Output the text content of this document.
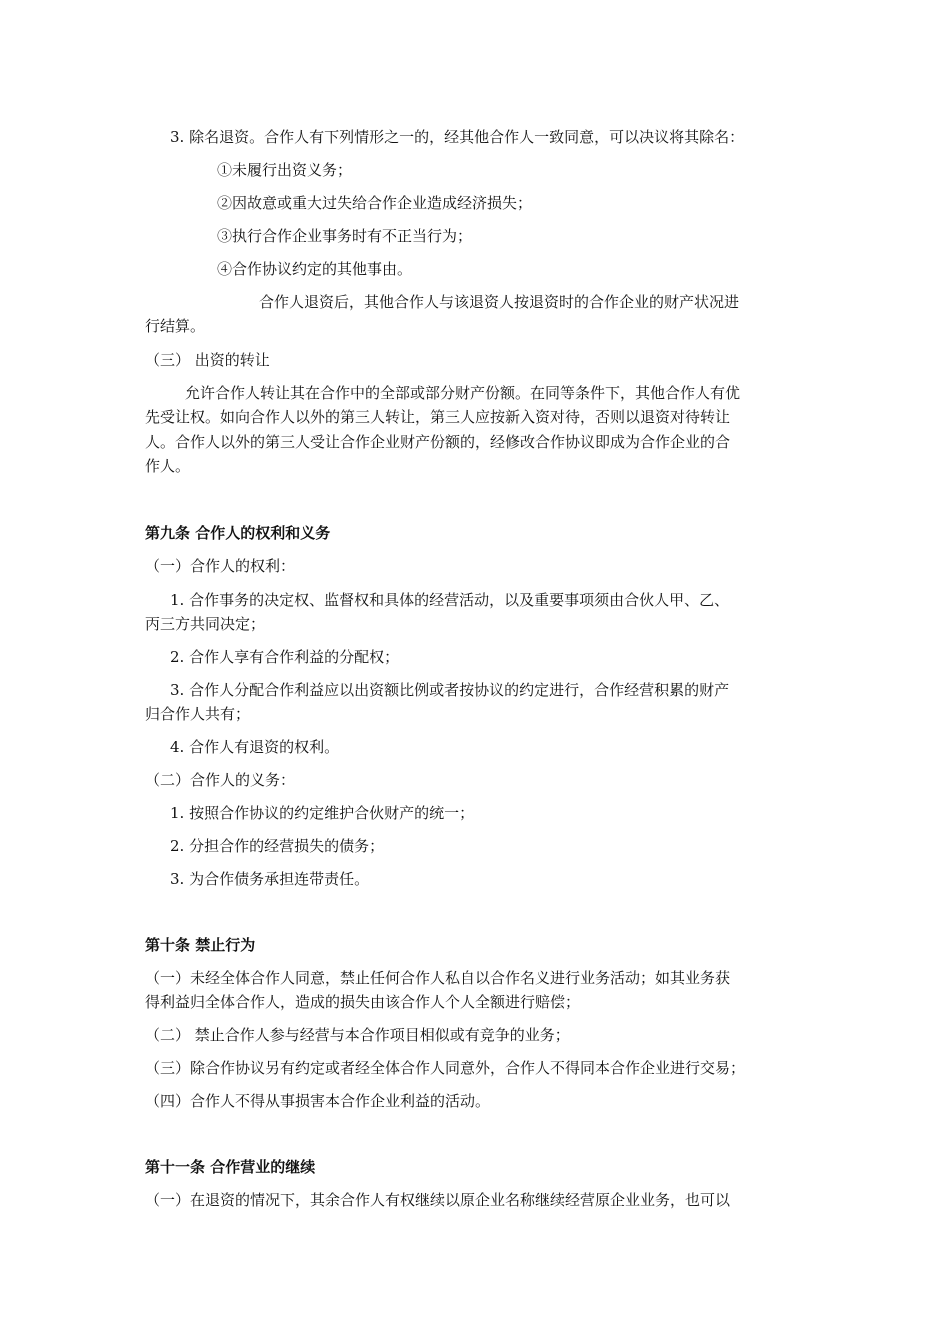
3. 除名退资。合作人有下列情形之一的，经其他合作人一致同意，可以决议将其除名：
①未履行出资义务；
②因故意或重大过失给合作企业造成经济损失；
③执行合作企业事务时有不正当行为；
④合作协议约定的其他事由。
合作人退资后，其他合作人与该退资人按退资时的合作企业的财产状况进
行结算。
（三） 出资的转让
允许合作人转让其在合作中的全部或部分财产份额。在同等条件下，其他合作人有优
先受让权。如向合作人以外的第三人转让，第三人应按新入资对待，否则以退资对待转让
人。合作人以外的第三人受让合作企业财产份额的，经修改合作协议即成为合作企业的合
作人。
第九条 合作人的权利和义务
（一）合作人的权利：
1. 合作事务的决定权、监督权和具体的经营活动，以及重要事项须由合伙人甲、乙、
丙三方共同决定；
2. 合作人享有合作利益的分配权；
3. 合作人分配合作利益应以出资额比例或者按协议的约定进行，合作经营积累的财产
归合作人共有；
4. 合作人有退资的权利。
（二）合作人的义务：
1. 按照合作协议的约定维护合伙财产的统一；
2. 分担合作的经营损失的债务；
3. 为合作债务承担连带责任。
第十条 禁止行为
（一）未经全体合作人同意，禁止任何合作人私自以合作名义进行业务活动；如其业务获
得利益归全体合作人，造成的损失由该合作人个人全额进行赔偿；
（二） 禁止合作人参与经营与本合作项目相似或有竞争的业务；
（三）除合作协议另有约定或者经全体合作人同意外，合作人不得同本合作企业进行交易；
（四）合作人不得从事损害本合作企业利益的活动。
第十一条 合作营业的继续
（一）在退资的情况下，其余合作人有权继续以原企业名称继续经营原企业业务，也可以
